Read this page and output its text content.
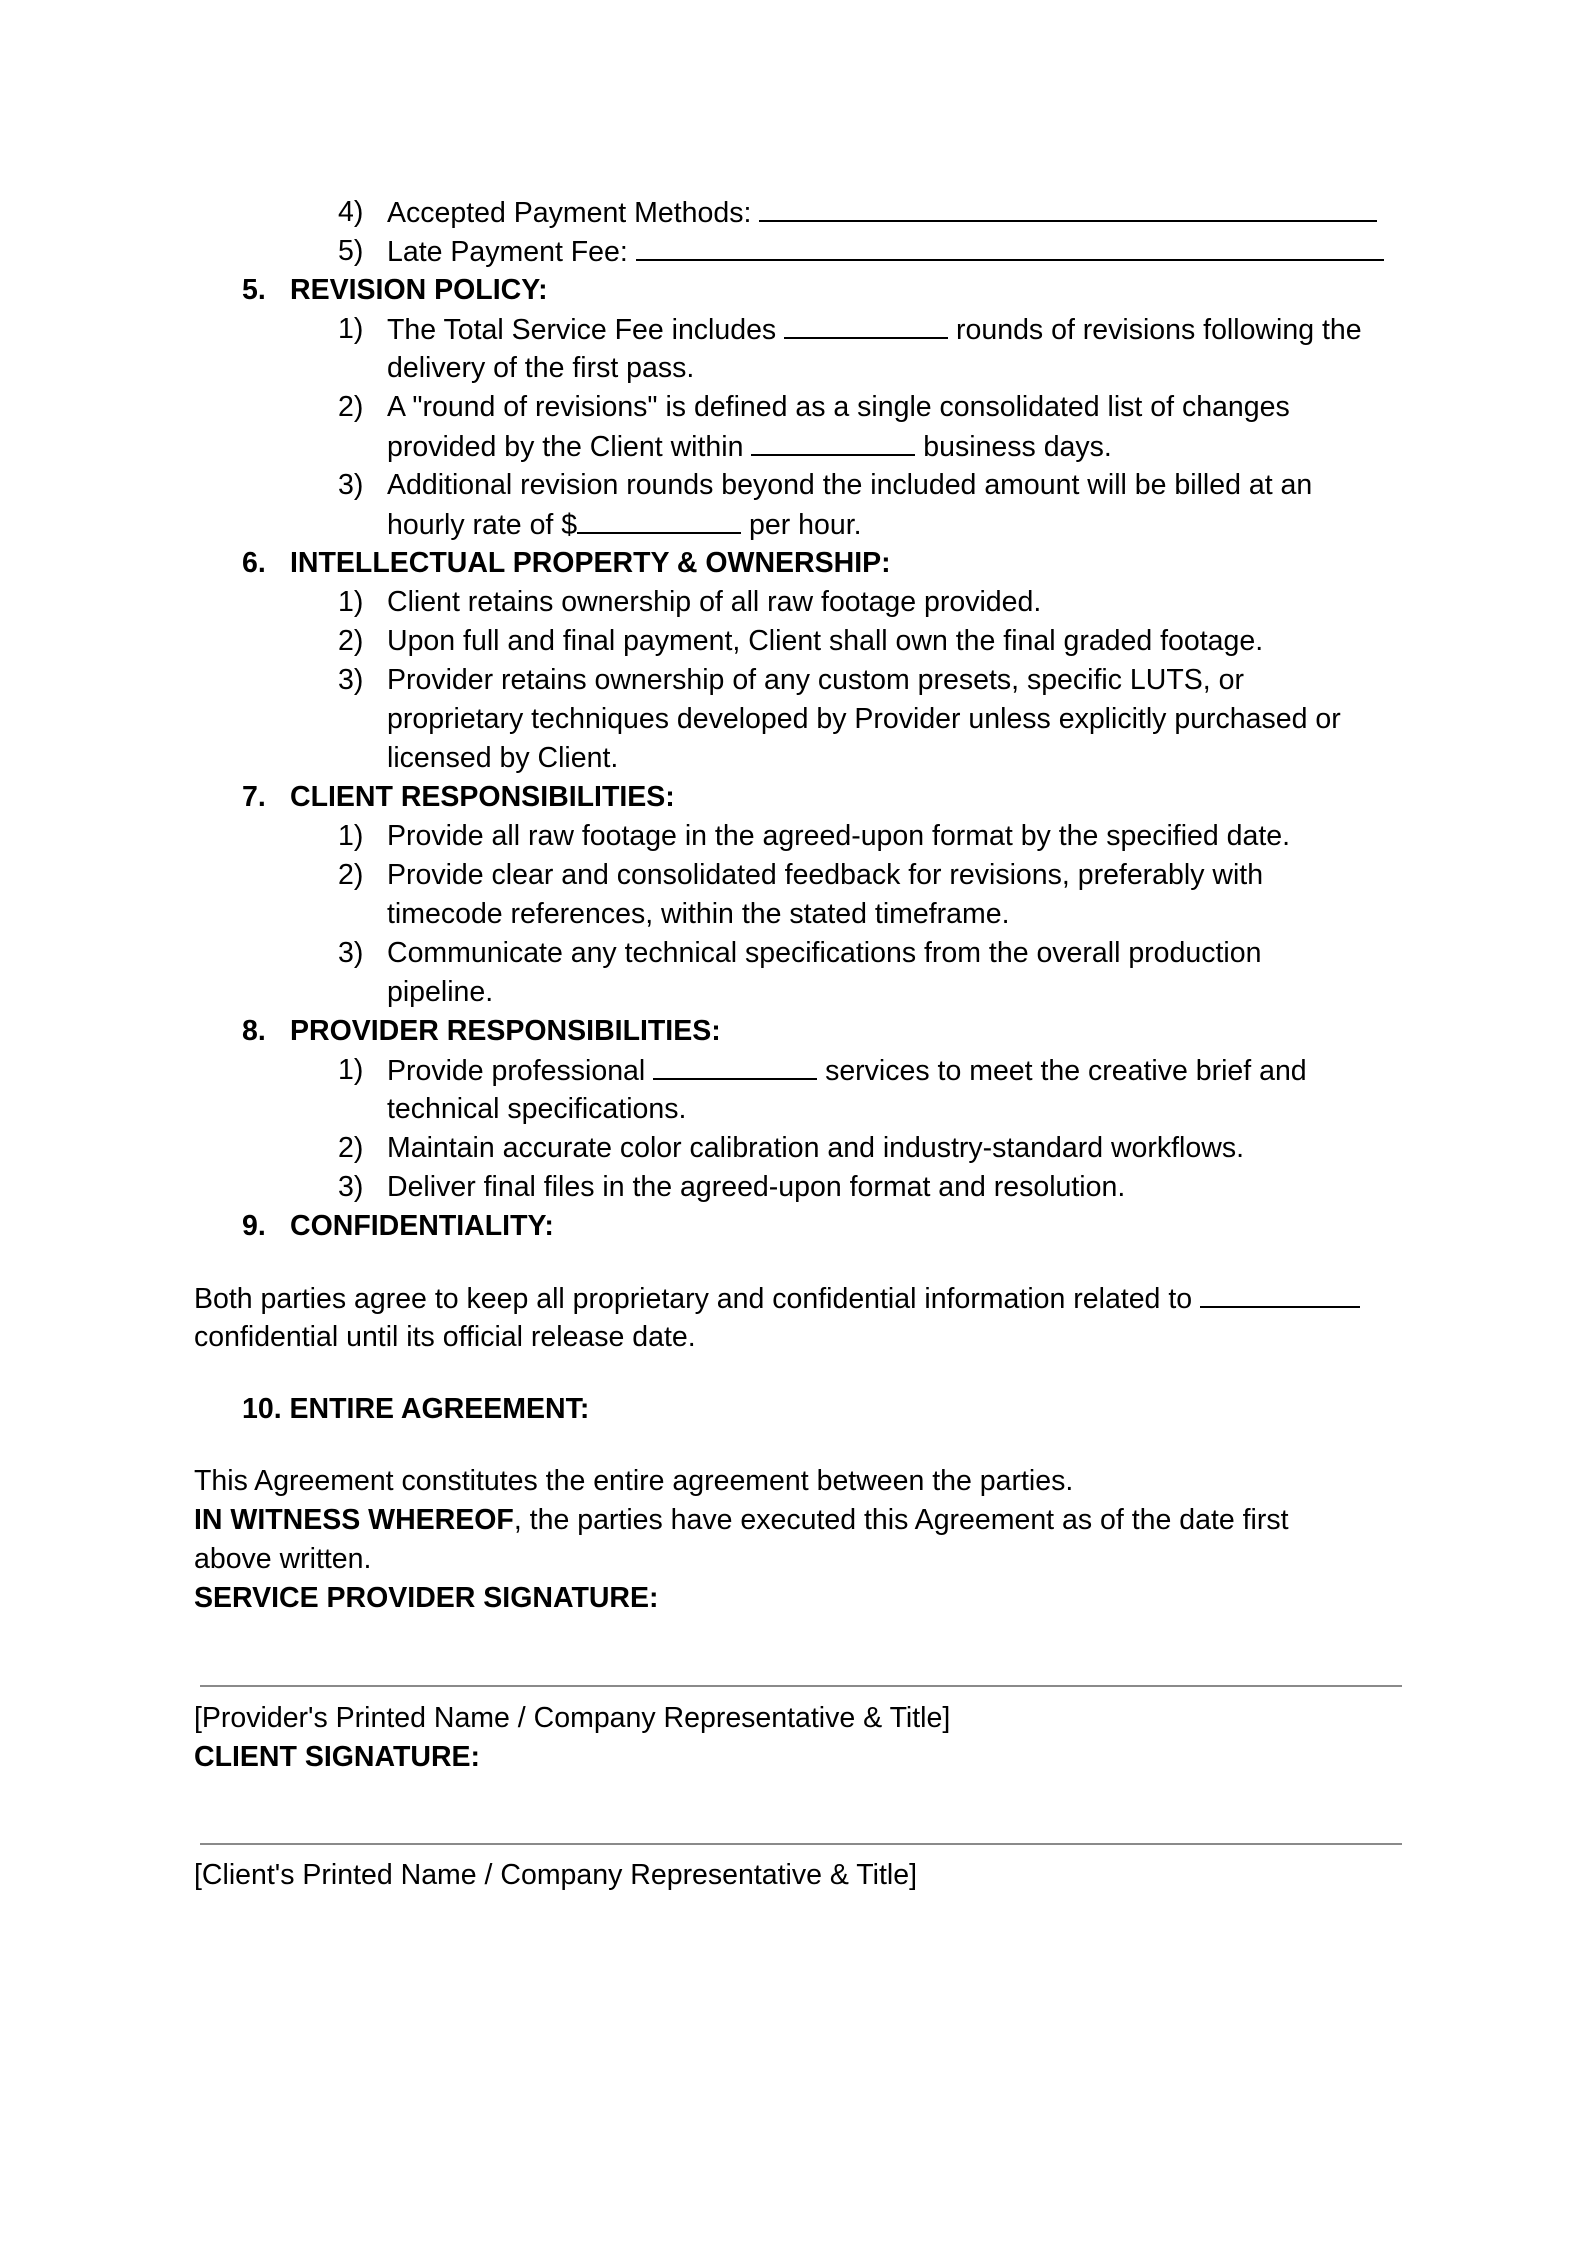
4) Accepted Payment Methods:
5) Late Payment Fee:
5. REVISION POLICY:
1) The Total Service Fee includes	rounds of revisions following the
delivery of the first pass.
2) A "round of revisions" is defined as a single consolidated list of changes
provided by the Client within	business days.
3) Additional revision rounds beyond the included amount will be billed at an
hourly rate of $	per hour.
6. INTELLECTUAL PROPERTY & OWNERSHIP:
1) Client retains ownership of all raw footage provided.
2) Upon full and final payment, Client shall own the final graded footage.
3) Provider retains ownership of any custom presets, specific LUTS, or
proprietary techniques developed by Provider unless explicitly purchased or
licensed by Client.
7. CLIENT RESPONSIBILITIES:
1) Provide all raw footage in the agreed-upon format by the specified date.
2) Provide clear and consolidated feedback for revisions, preferably with
timecode references, within the stated timeframe.
3) Communicate any technical specifications from the overall production
pipeline.
8. PROVIDER RESPONSIBILITIES:
1) Provide professional	services to meet the creative brief and
technical specifications.
2) Maintain accurate color calibration and industry-standard workflows.
3) Deliver final files in the agreed-upon format and resolution.
9. CONFIDENTIALITY:
Both parties agree to keep all proprietary and confidential information related to
confidential until its official release date.
10. ENTIRE AGREEMENT:
This Agreement constitutes the entire agreement between the parties.
IN WITNESS WHEREOF, the parties have executed this Agreement as of the date first
above written.
SERVICE PROVIDER SIGNATURE:
[Provider's Printed Name / Company Representative & Title]
CLIENT SIGNATURE:
[Client's Printed Name / Company Representative & Title]
